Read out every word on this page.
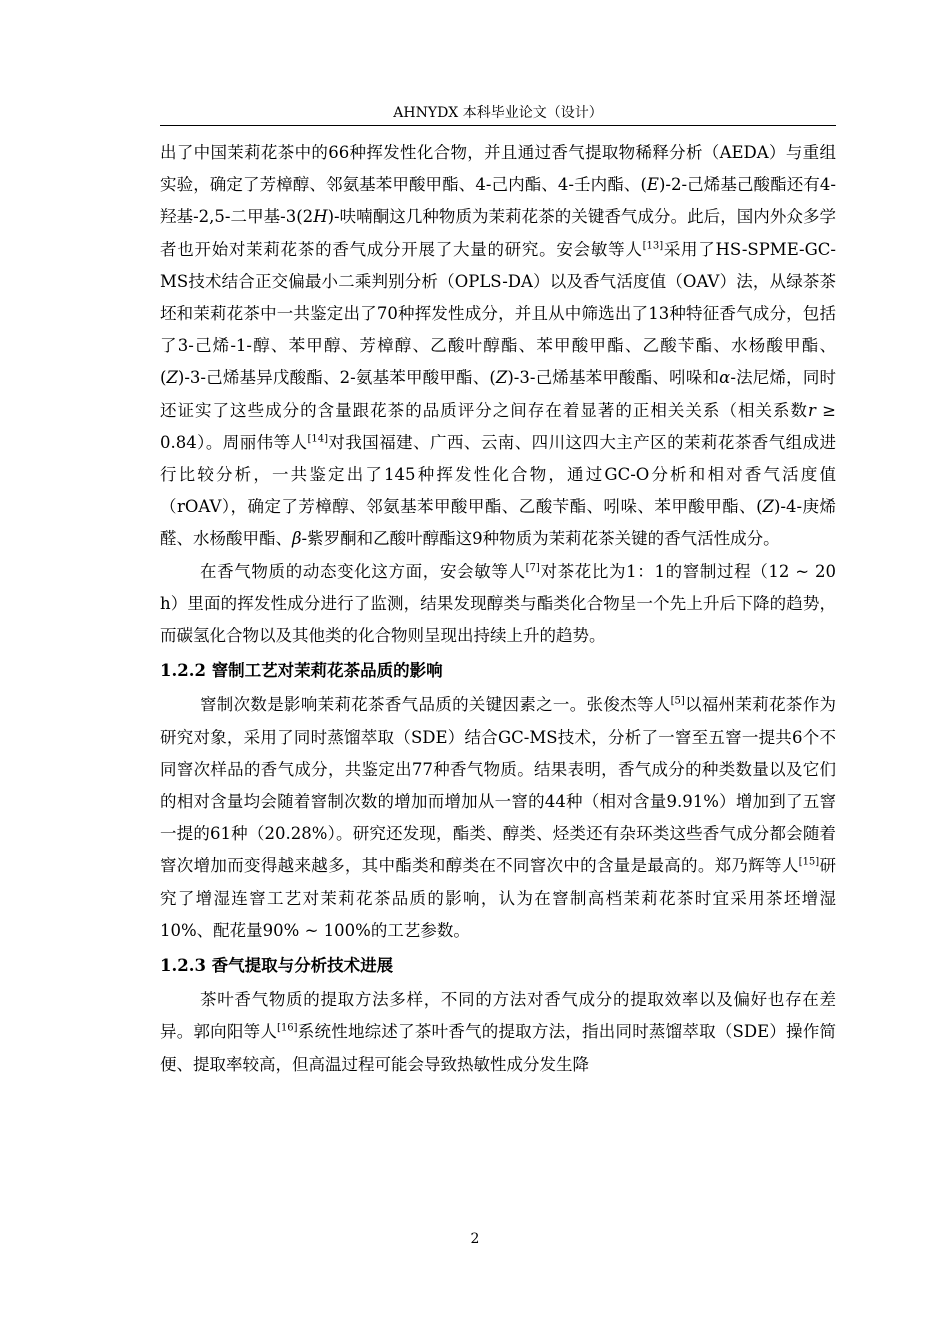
AHNYDX 本科毕业论文（设计）

出了中国茉莉花茶中的66种挥发性化合物，并且通过香气提取物稀释分析（AEDA）与重组实验，确定了芳樟醇、邻氨基苯甲酸甲酯、4-己内酯、4-壬内酯、(E)-2-己烯基己酸酯还有4-羟基-2,5-二甲基-3(2H)-呋喃酮这几种物质为茉莉花茶的关键香气成分。此后，国内外众多学者也开始对茉莉花茶的香气成分开展了大量的研究。安会敏等人[13]采用了HS-SPME-GC-MS技术结合正交偏最小二乘判别分析（OPLS-DA）以及香气活度值（OAV）法，从绿茶茶坯和茉莉花茶中一共鉴定出了70种挥发性成分，并且从中筛选出了13种特征香气成分，包括了3-己烯-1-醇、苯甲醇、芳樟醇、乙酸叶醇酯、苯甲酸甲酯、乙酸苄酯、水杨酸甲酯、(Z)-3-己烯基异戊酸酯、2-氨基苯甲酸甲酯、(Z)-3-己烯基苯甲酸酯、吲哚和α-法尼烯，同时还证实了这些成分的含量跟花茶的品质评分之间存在着显著的正相关关系（相关系数r ≥ 0.84）。周丽伟等人[14]对我国福建、广西、云南、四川这四大主产区的茉莉花茶香气组成进行比较分析，一共鉴定出了145种挥发性化合物，通过GC-O分析和相对香气活度值（rOAV），确定了芳樟醇、邻氨基苯甲酸甲酯、乙酸苄酯、吲哚、苯甲酸甲酯、(Z)-4-庚烯醛、水杨酸甲酯、β-紫罗酮和乙酸叶醇酯这9种物质为茉莉花茶关键的香气活性成分。

在香气物质的动态变化这方面，安会敏等人[7]对茶花比为1：1的窨制过程（12 ~ 20 h）里面的挥发性成分进行了监测，结果发现醇类与酯类化合物呈一个先上升后下降的趋势，而碳氢化合物以及其他类的化合物则呈现出持续上升的趋势。

1.2.2 窨制工艺对茉莉花茶品质的影响

窨制次数是影响茉莉花茶香气品质的关键因素之一。张俊杰等人[5]以福州茉莉花茶作为研究对象，采用了同时蒸馏萃取（SDE）结合GC-MS技术，分析了一窨至五窨一提共6个不同窨次样品的香气成分，共鉴定出77种香气物质。结果表明，香气成分的种类数量以及它们的相对含量均会随着窨制次数的增加而增加从一窨的44种（相对含量9.91%）增加到了五窨一提的61种（20.28%）。研究还发现，酯类、醇类、烃类还有杂环类这些香气成分都会随着窨次增加而变得越来越多，其中酯类和醇类在不同窨次中的含量是最高的。郑乃辉等人[15]研究了增湿连窨工艺对茉莉花茶品质的影响，认为在窨制高档茉莉花茶时宜采用茶坯增湿10%、配花量90% ~ 100%的工艺参数。

1.2.3 香气提取与分析技术进展

茶叶香气物质的提取方法多样，不同的方法对香气成分的提取效率以及偏好也存在差异。郭向阳等人[16]系统性地综述了茶叶香气的提取方法，指出同时蒸馏萃取（SDE）操作简便、提取率较高，但高温过程可能会导致热敏性成分发生降

2
